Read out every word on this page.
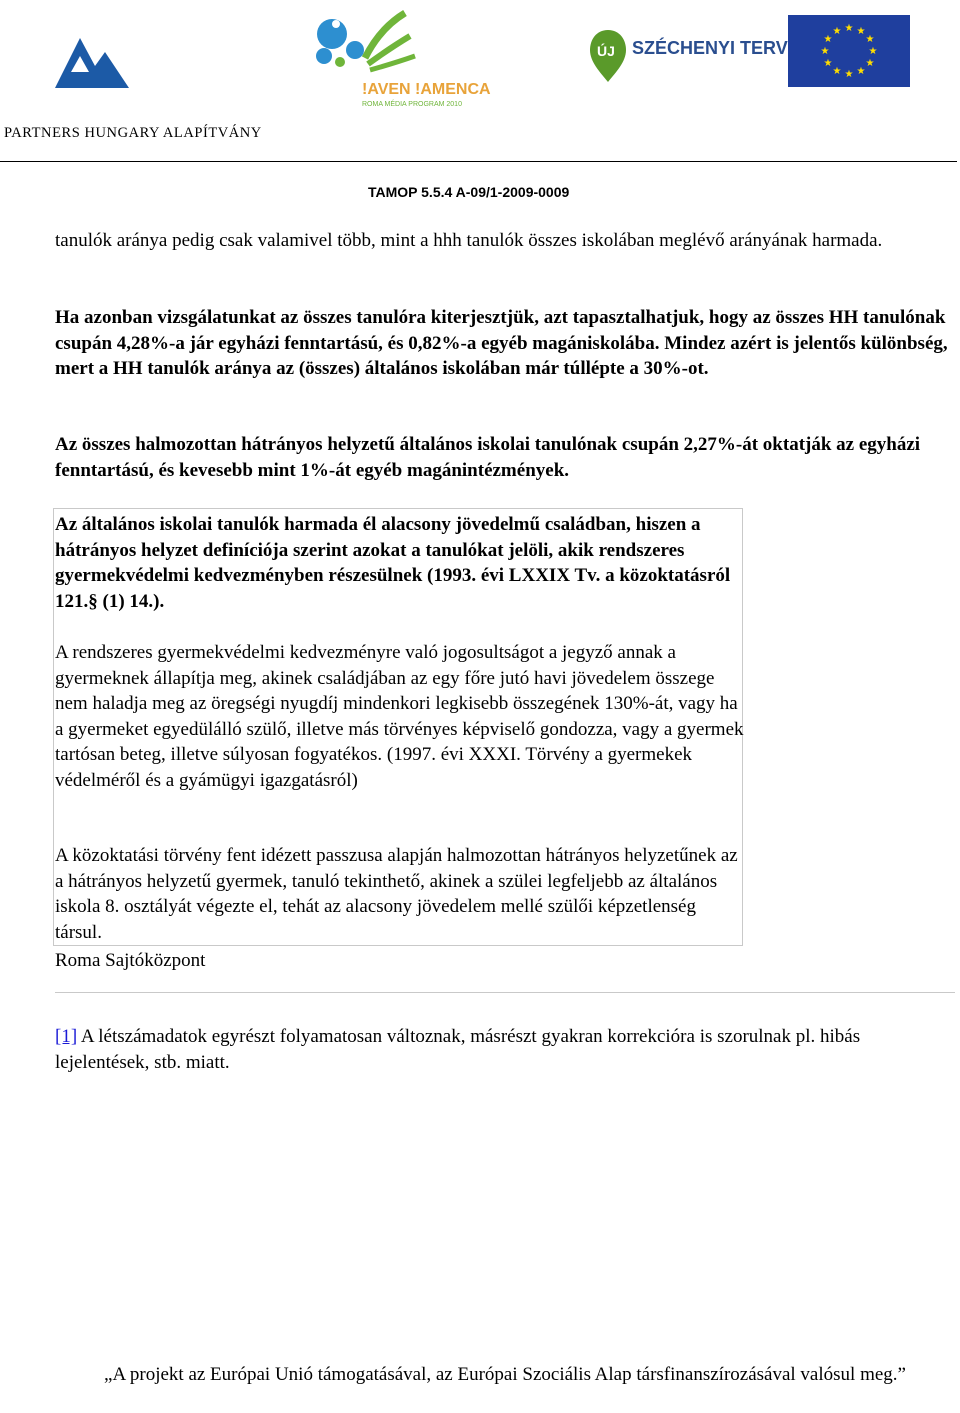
!AVEN !AMENCA
ROMA MÉDIA PROGRAM 2010
ÚJ SZÉCHENYI TERV
★ ★
★
★
★
★
★
★
★
★
★
★
PARTNERS HUNGARY ALAPÍTVÁNY
TAMOP 5.5.4 A-09/1-2009-0009
tanulók aránya pedig csak valamivel több, mint a hhh tanulók összes iskolában meglévő arányának harmada.
Ha azonban vizsgálatunkat az összes tanulóra kiterjesztjük, azt tapasztalhatjuk, hogy az összes HH tanulónak csupán 4,28%-a jár egyházi fenntartású, és 0,82%-a egyéb magániskolába. Mindez azért is jelentős különbség, mert a HH tanulók aránya az (összes) általános iskolában már túllépte a 30%-ot.
Az összes halmozottan hátrányos helyzetű általános iskolai tanulónak csupán 2,27%-át oktatják az egyházi fenntartású, és kevesebb mint 1%-át egyéb magánintézmények.
Az általános iskolai tanulók harmada él alacsony jövedelmű családban, hiszen a hátrányos helyzet definíciója szerint azokat a tanulókat jelöli, akik rendszeres gyermekvédelmi kedvezményben részesülnek (1993. évi LXXIX Tv. a közoktatásról 121.§ (1) 14.).
A rendszeres gyermekvédelmi kedvezményre való jogosultságot a jegyző annak a gyermeknek állapítja meg, akinek családjában az egy főre jutó havi jövedelem összege nem haladja meg az öregségi nyugdíj mindenkori legkisebb összegének 130%-át, vagy ha a gyermeket egyedülálló szülő, illetve más törvényes képviselő gondozza, vagy a gyermek tartósan beteg, illetve súlyosan fogyatékos. (1997. évi XXXI. Törvény a gyermekek védelméről és a gyámügyi igazgatásról)
A közoktatási törvény fent idézett passzusa alapján halmozottan hátrányos helyzetűnek az a hátrányos helyzetű gyermek, tanuló tekinthető, akinek a szülei legfeljebb az általános iskola 8. osztályát végezte el, tehát az alacsony jövedelem mellé szülői képzetlenség társul.
Roma Sajtóközpont
[1] A létszámadatok egyrészt folyamatosan változnak, másrészt gyakran korrekcióra is szorulnak pl. hibás lejelentések, stb. miatt.
„A projekt az Európai Unió támogatásával, az Európai Szociális Alap társfinanszírozásával valósul meg.”
